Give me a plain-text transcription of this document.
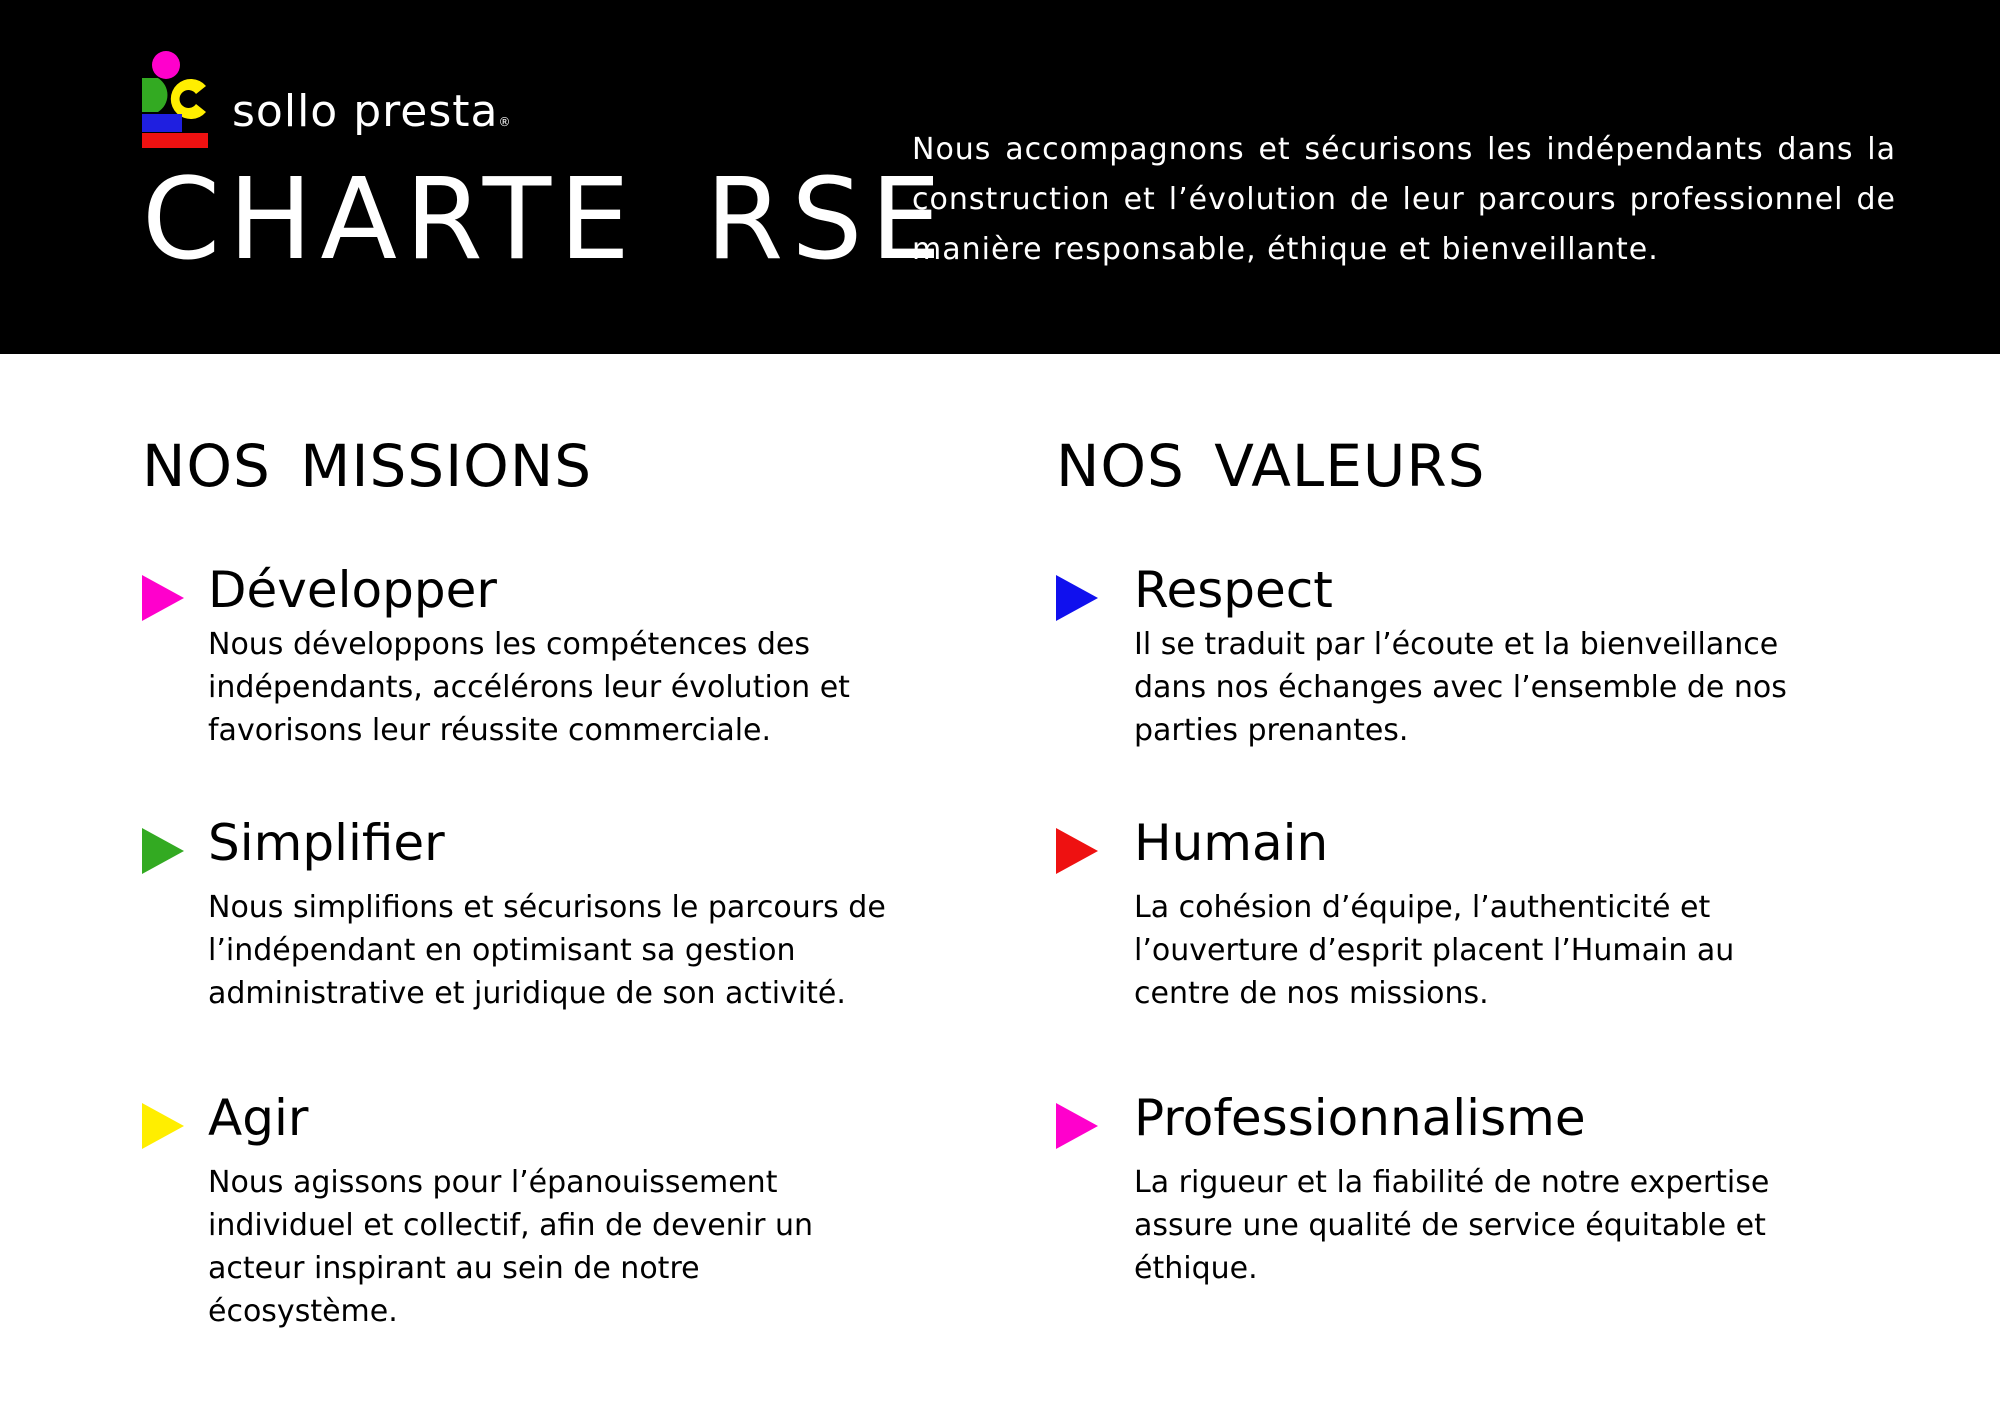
sollo presta®
CHARTE RSE

Nous accompagnons et sécurisons les indépendants dans la construction et l’évolution de leur parcours professionnel de manière responsable, éthique et bienveillante.

NOS MISSIONS	NOS VALEURS
Développer

Nous développons les compétences des indépendants, accélérons leur évolution et favorisons leur réussite commerciale.

Simplifier

Nous simplifions et sécurisons le parcours de l’indépendant en optimisant sa gestion administrative et juridique de son activité.

Agir

Nous agissons pour l’épanouissement individuel et collectif, afin de devenir un acteur inspirant au sein de notre écosystème.

Respect

Il se traduit par l’écoute et la bienveillance dans nos échanges avec l’ensemble de nos parties prenantes.

Humain

La cohésion d’équipe, l’authenticité et l’ouverture d’esprit placent l’Humain au centre de nos missions.

Professionnalisme

La rigueur et la fiabilité de notre expertise assure une qualité de service équitable et éthique.
